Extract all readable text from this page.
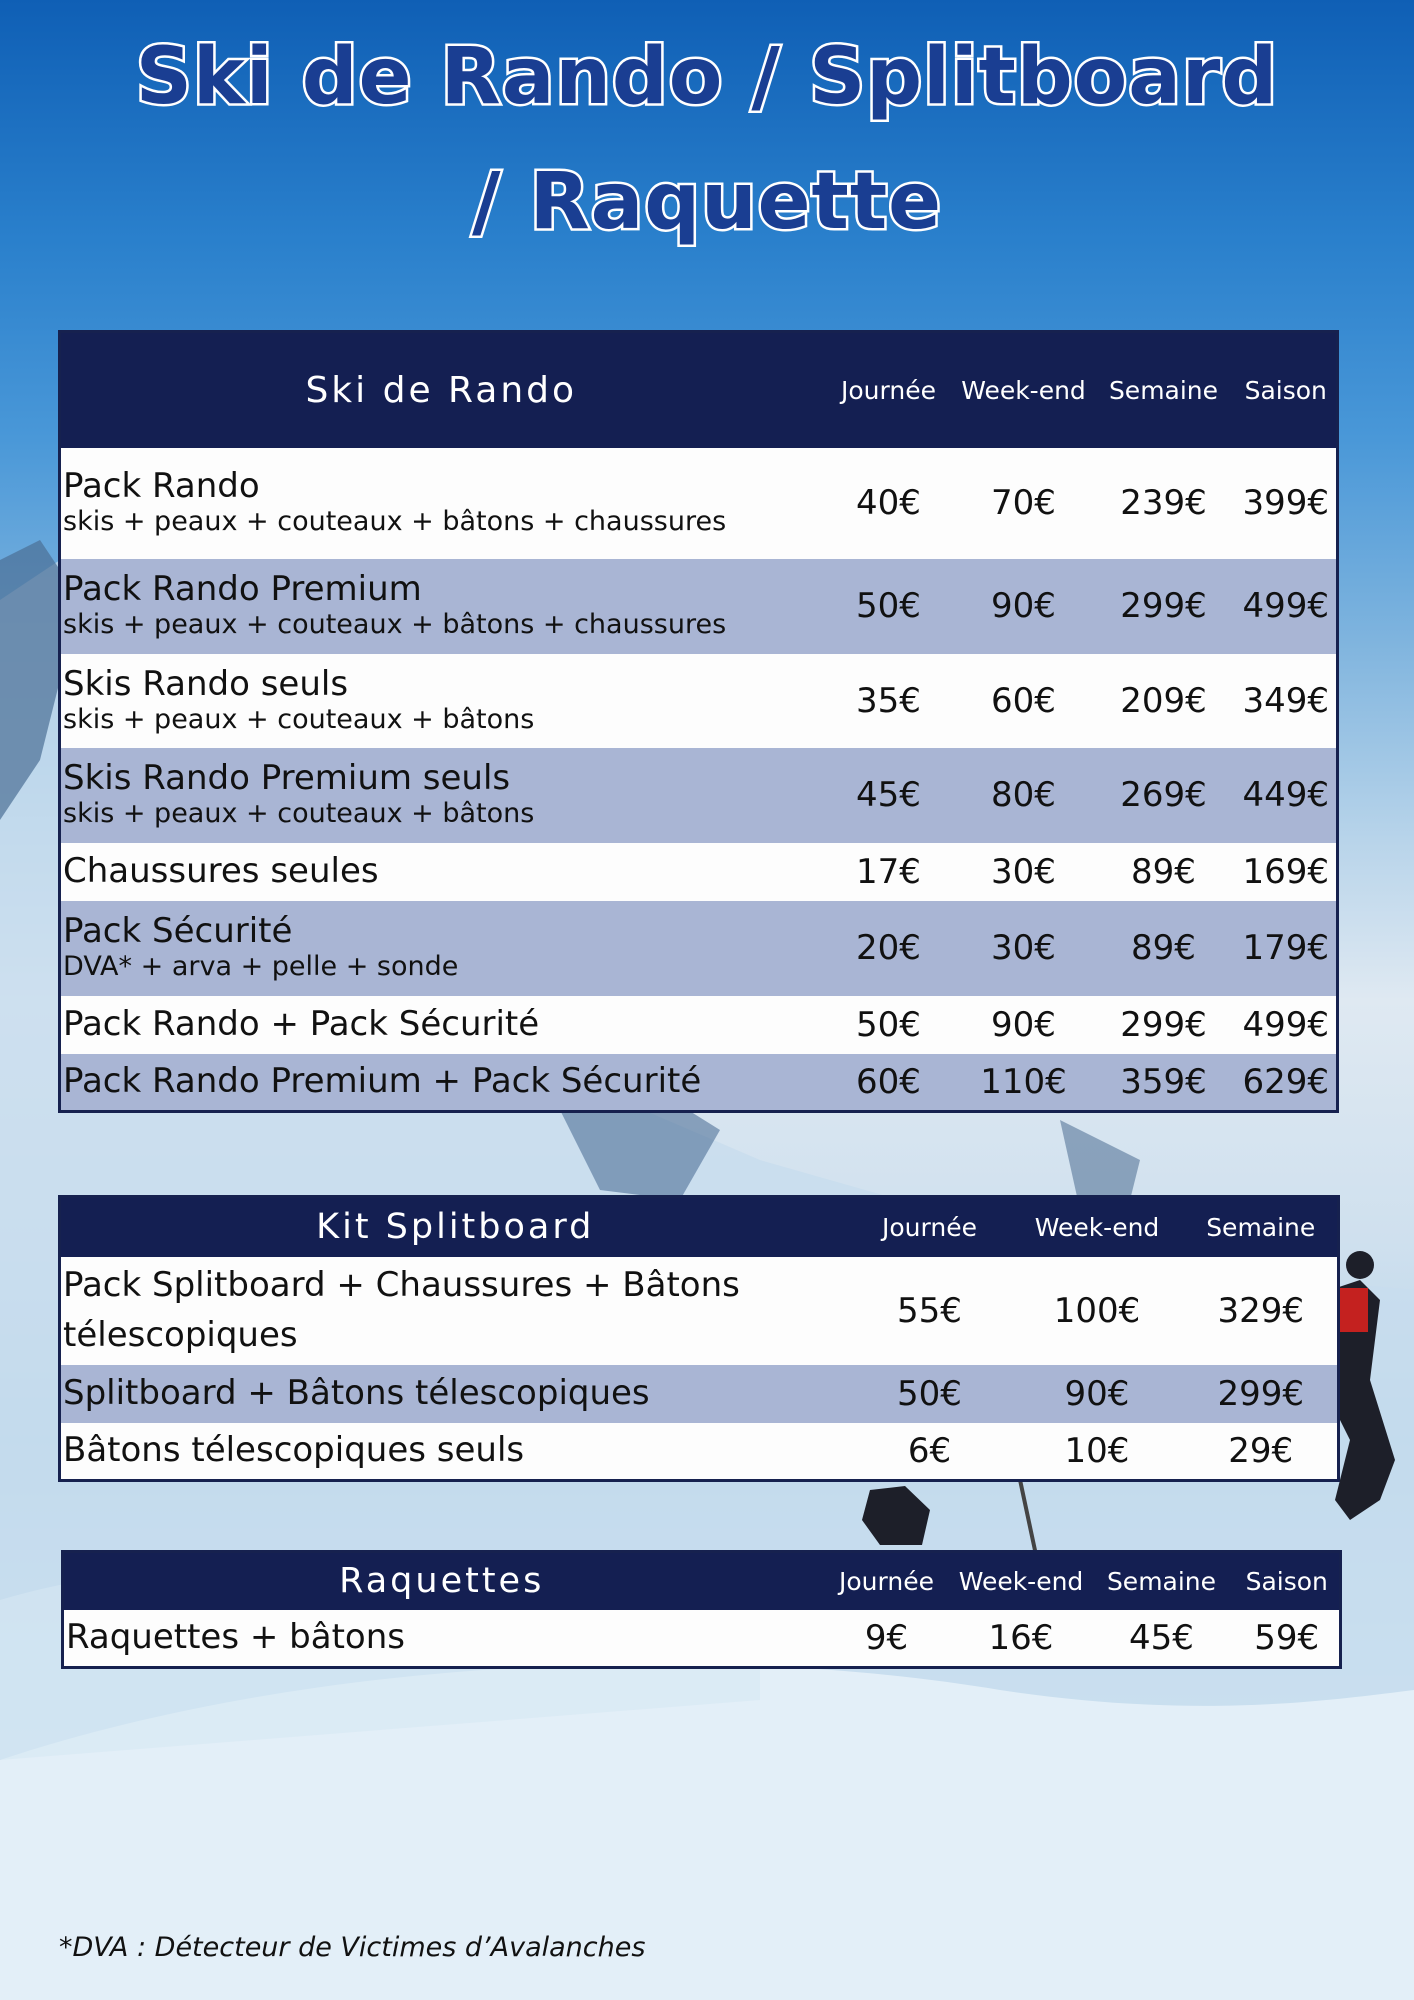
Ski de Rando / Splitboard
/ Raquette
Ski de Rando	Journée	Week-end	Semaine	Saison
Pack Rando
skis + peaux + couteaux + bâtons + chaussures	40€	70€	239€	399€
Pack Rando Premium
skis + peaux + couteaux + bâtons + chaussures	50€	90€	299€	499€
Skis Rando seuls
skis + peaux + couteaux + bâtons	35€	60€	209€	349€
Skis Rando Premium seuls
skis + peaux + couteaux + bâtons	45€	80€	269€	449€
Chaussures seules	17€	30€	89€	169€
Pack Sécurité
DVA* + arva + pelle + sonde	20€	30€	89€	179€
Pack Rando + Pack Sécurité	50€	90€	299€	499€
Pack Rando Premium + Pack Sécurité	60€	110€	359€	629€
Kit Splitboard	Journée	Week-end	Semaine
Pack Splitboard + Chaussures + Bâtons télescopiques	55€	100€	329€
Splitboard + Bâtons télescopiques	50€	90€	299€
Bâtons télescopiques seuls	6€	10€	29€
Raquettes	Journée	Week-end	Semaine	Saison
Raquettes + bâtons	9€	16€	45€	59€
*DVA : Détecteur de Victimes d’Avalanches
